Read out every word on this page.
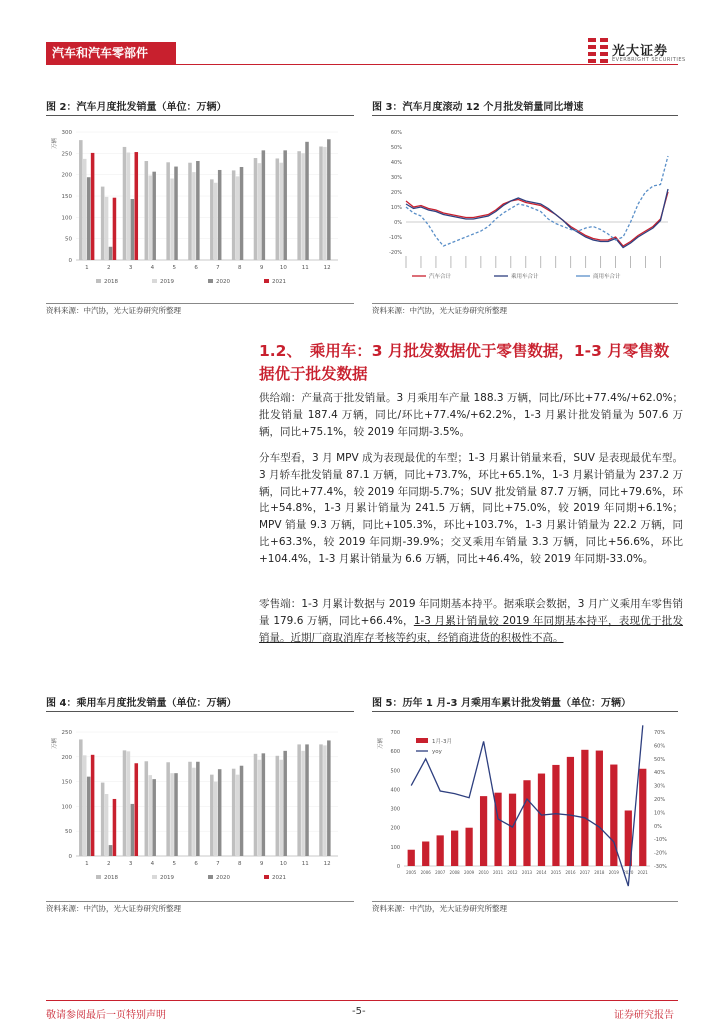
汽车和汽车零部件	光大证券
EVERBRIGHT SECURITIES
图 2：汽车月度批发销量（单位：万辆）
0
50
100
150
200
250
300
万辆
1	2	3	4	5	6	7	8	9	10	11	12
2018	2019	2020	2021
资料来源：中汽协，光大证券研究所整理
图 3：汽车月度滚动 12 个月批发销量同比增速
-20%
-10%
0%
10%
20%
30%
40%
50%
60%
汽车合计	乘用车合计	商用车合计
资料来源：中汽协，光大证券研究所整理
1.2、　乘用车：3 月批发数据优于零售数据，1-3 月零售数据优于批发数据
供给端：产量高于批发销量。3 月乘用车产量 188.3 万辆，同比/环比+77.4%/+62.0%；批发销量 187.4 万辆，同比/环比+77.4%/+62.2%，1-3 月累计批发销量为 507.6 万辆，同比+75.1%，较 2019 年同期-3.5%。
分车型看，3 月 MPV 成为表现最优的车型；1-3 月累计销量来看，SUV 是表现最优车型。3 月轿车批发销量 87.1 万辆，同比+73.7%，环比+65.1%，1-3 月累计销量为 237.2 万辆，同比+77.4%，较 2019 年同期-5.7%；SUV 批发销量 87.7 万辆，同比+79.6%，环比+54.8%，1-3 月累计销量为 241.5 万辆，同比+75.0%，较 2019 年同期+6.1%；MPV 销量 9.3 万辆，同比+105.3%，环比+103.7%，1-3 月累计销量为 22.2 万辆，同比+63.3%，较 2019 年同期-39.9%；交叉乘用车销量 3.3 万辆，同比+56.6%，环比+104.4%，1-3 月累计销量为 6.6 万辆，同比+46.4%，较 2019 年同期-33.0%。
零售端：1-3 月累计数据与 2019 年同期基本持平。据乘联会数据，3 月广义乘用车零售销量 179.6 万辆，同比+66.4%，1-3 月累计销量较 2019 年同期基本持平，表现优于批发销量。近期厂商取消库存考核等约束，经销商进货的积极性不高。
图 4：乘用车月度批发销量（单位：万辆）
0
50
100
150
200
250
万辆
1	2	3	4	5	6	7	8	9	10	11	12
2018	2019	2020	2021
资料来源：中汽协，光大证券研究所整理
图 5：历年 1 月-3 月乘用车累计批发销量（单位：万辆）
0
100
200
300
400
500
600
700
-30%
-20%
-10%
0%
10%
20%
30%
40%
50%
60%
70%
万辆
2005 2006 2007 2008 2009 2010 2011 2012 2013 2014 2015 2016 2017 2018 2019 2020 2021
1月-3月
yoy
资料来源：中汽协，光大证券研究所整理
敬请参阅最后一页特别声明	-5-	证券研究报告
